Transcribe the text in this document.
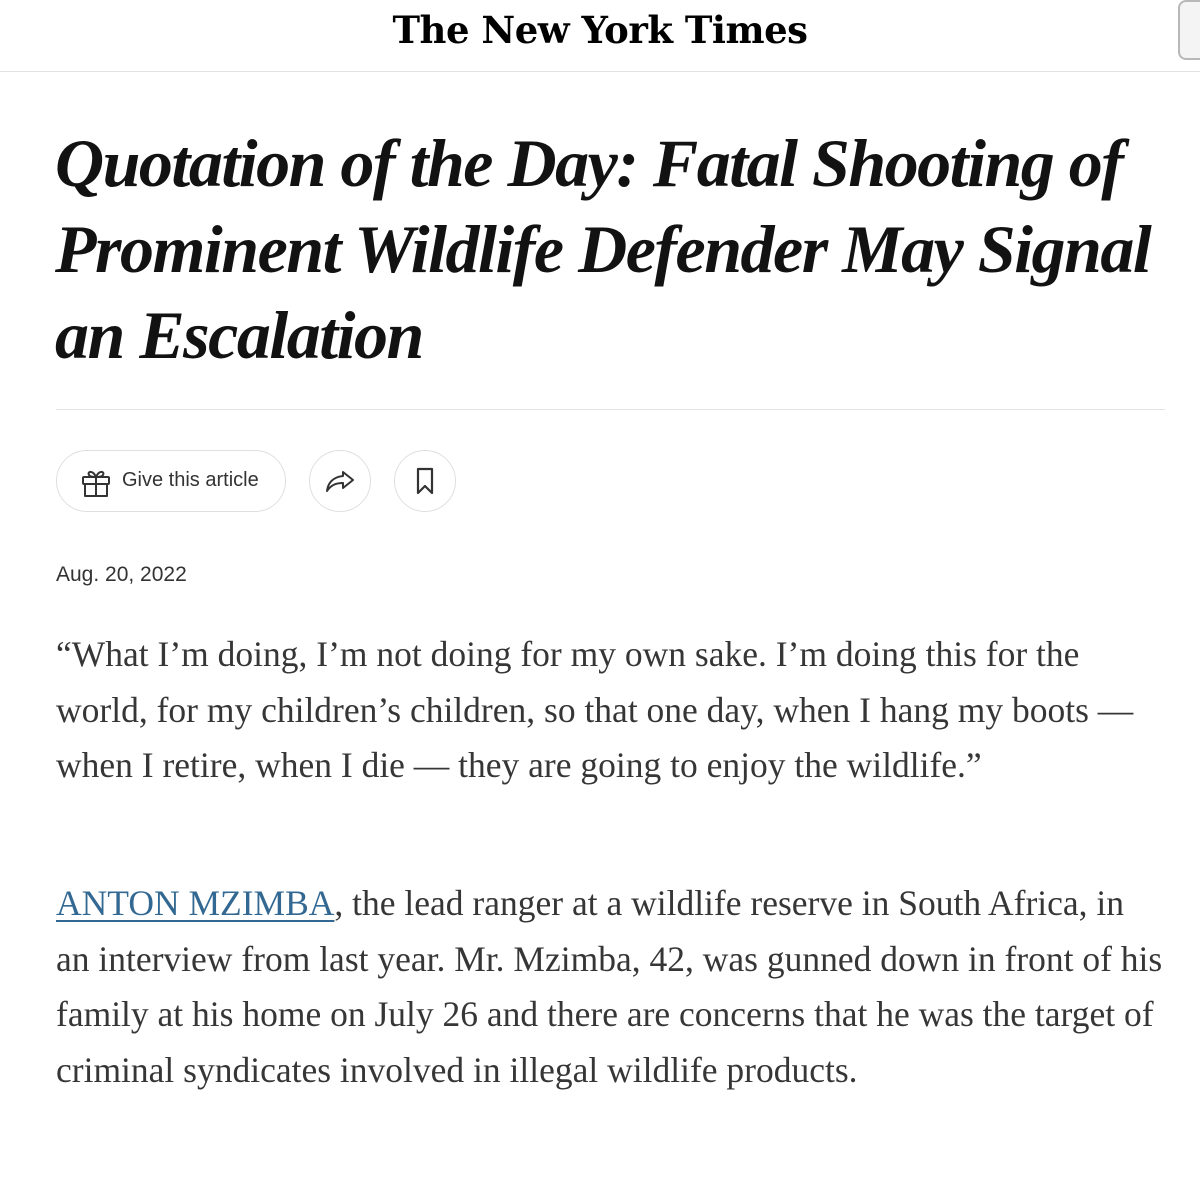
The New York Times
Quotation of the Day: Fatal Shooting of Prominent Wildlife Defender May Signal an Escalation
Give this article
Aug. 20, 2022

“What I’m doing, I’m not doing for my own sake. I’m doing this for the world, for my children’s children, so that one day, when I hang my boots — when I retire, when I die — they are going to enjoy the wildlife.”

ANTON MZIMBA, the lead ranger at a wildlife reserve in South Africa, in an interview from last year. Mr. Mzimba, 42, was gunned down in front of his family at his home on July 26 and there are concerns that he was the target of criminal syndicates involved in illegal wildlife products.
